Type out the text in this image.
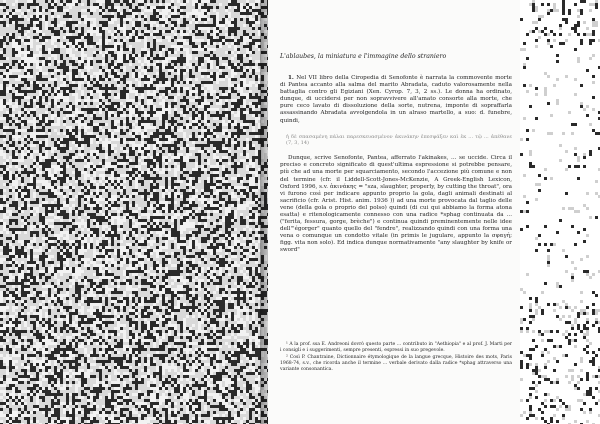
L'ablaubes, la miniatura e l'immagine dello straniero

1. Nel VII libro della Ciropedia di Senofonte è narrata la commovente morte di Pantea accanto alla salma del marito Abradata, caduto valorosamente nella battaglia contro gli Egiziani (Xen. Cyrop. 7, 3, 2 ss.). Le donna ha ordinato, dunque, di uccidersi per non sopravvivere all'amato consorte alla morte, che pure ceco lavato di dissoluzione della sorte, nutrena, imponte di sopraffarla assassinando Abradata avvolgendola in un alraso martello, a suo: d. funebre, quindi,

ἡ δὲ σπασαμένη πάλαι παρεσκευασμένον ἀκινάκην ἐπεσφάξεν καὶ ἐκ ... τῷ ... ἀπέθανε (7, 3, 14)

Dunque, scrive Senofonte, Pantea, afferrato l'akinakes, ... se uccide. Circa il preciso e concreto significato di quest'ultima espressione si potrebbe pensare, più che ad una morte per squarciamento, secondo l'accezione più comune e non del termine (cfr. il Liddell-Scott-Jones-McKenzie, A Greek-English Lexicon, Oxford 1996, s.v. ἀκινάκης = "sza, slaughter, properly, by cutting the throat", ora vi furono così per indicare appunto proprio la gola, dagli animali destinati al sacrificio (cfr. Arist. Hist. anim. 1936 )) ad una morte provocata dal taglio delle vene (della gola o proprio del polso) quindi (di cui qui abbiamo la forma atona esatta) e ritenologicamente connesso con una radice *sphag continuata da ... ("ferita, fessura, gorge, brèche") e continua quindi preminentemente nelle idee dell'"égorger" quanto quello del "fendre", realizzando quindi con una forma una vena o comunque un condotto vitale (in primis le jugulare, appunto la σφαγή; figg. vita non solo). Ed indica dunque normativamente "any slaughter by knife or sword"

¹ A la prof. ssa E. Andreoni dovrò questo parte ... contributo in "Aethiopia" e al prof. J. Marti per i consigli e i suggerimenti, sempre presenti, espressi in suo pregevole.

² Così P. Chantraine, Dictionnaire étymologique de la langue grecque, Histoire des mots, Paris 1968-74, s.v., che ricorda anche il termine ... verbale derivato dalla radice *sphag attraverso una variante consonantica.
